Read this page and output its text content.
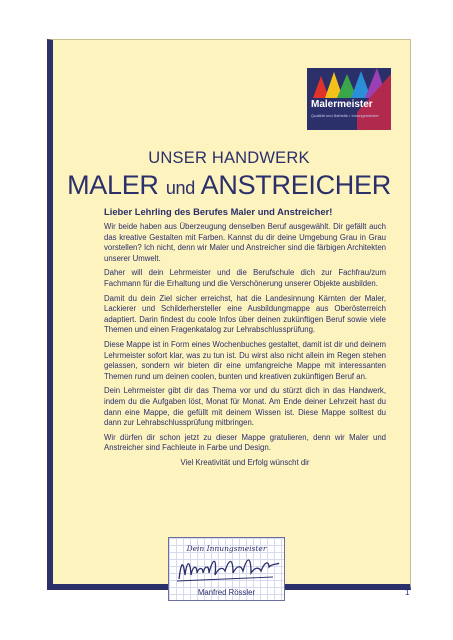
Malermeister
Qualität und Ästhetik • Innungsmeister
UNSER HANDWERK
MALER und ANSTREICHER
Lieber Lehrling des Berufes Maler und Anstreicher!

Wir beide haben aus Überzeugung denselben Beruf ausgewählt. Dir gefällt auch das kreative Gestalten mit Farben. Kannst du dir deine Umgebung Grau in Grau vorstellen? Ich nicht, denn wir Maler und Anstreicher sind die färbigen Architekten unserer Umwelt.

Daher will dein Lehrmeister und die Berufschule dich zur Fachfrau/zum Fachmann für die Erhaltung und die Verschönerung unserer Objekte ausbilden.

Damit du dein Ziel sicher erreichst, hat die Landesinnung Kärnten der Maler, Lackierer und Schilderhersteller eine Ausbildungmappe aus Oberösterreich adaptiert. Darin findest du coole Infos über deinen zukünftigen Beruf sowie viele Themen und einen Fragenkatalog zur Lehrabschlussprüfung.

Diese Mappe ist in Form eines Wochenbuches gestaltet, damit ist dir und deinem Lehrmeister sofort klar, was zu tun ist. Du wirst also nicht allein im Regen stehen gelassen, sondern wir bieten dir eine umfangreiche Mappe mit interessanten Themen rund um deinen coolen, bunten und kreativen zukünftigen Beruf an.

Dein Lehrmeister gibt dir das Thema vor und du stürzt dich in das Handwerk, indem du die Aufgaben löst, Monat für Monat. Am Ende deiner Lehrzeit hast du dann eine Mappe, die gefüllt mit deinem Wissen ist. Diese Mappe solltest du dann zur Lehrabschlussprüfung mitbringen.

Wir dürfen dir schon jetzt zu dieser Mappe gratulieren, denn wir Maler und Anstreicher sind Fachleute in Farbe und Design.

Viel Kreativität und Erfolg wünscht dir

Dein Innungsmeister
Manfred Rössler	1
